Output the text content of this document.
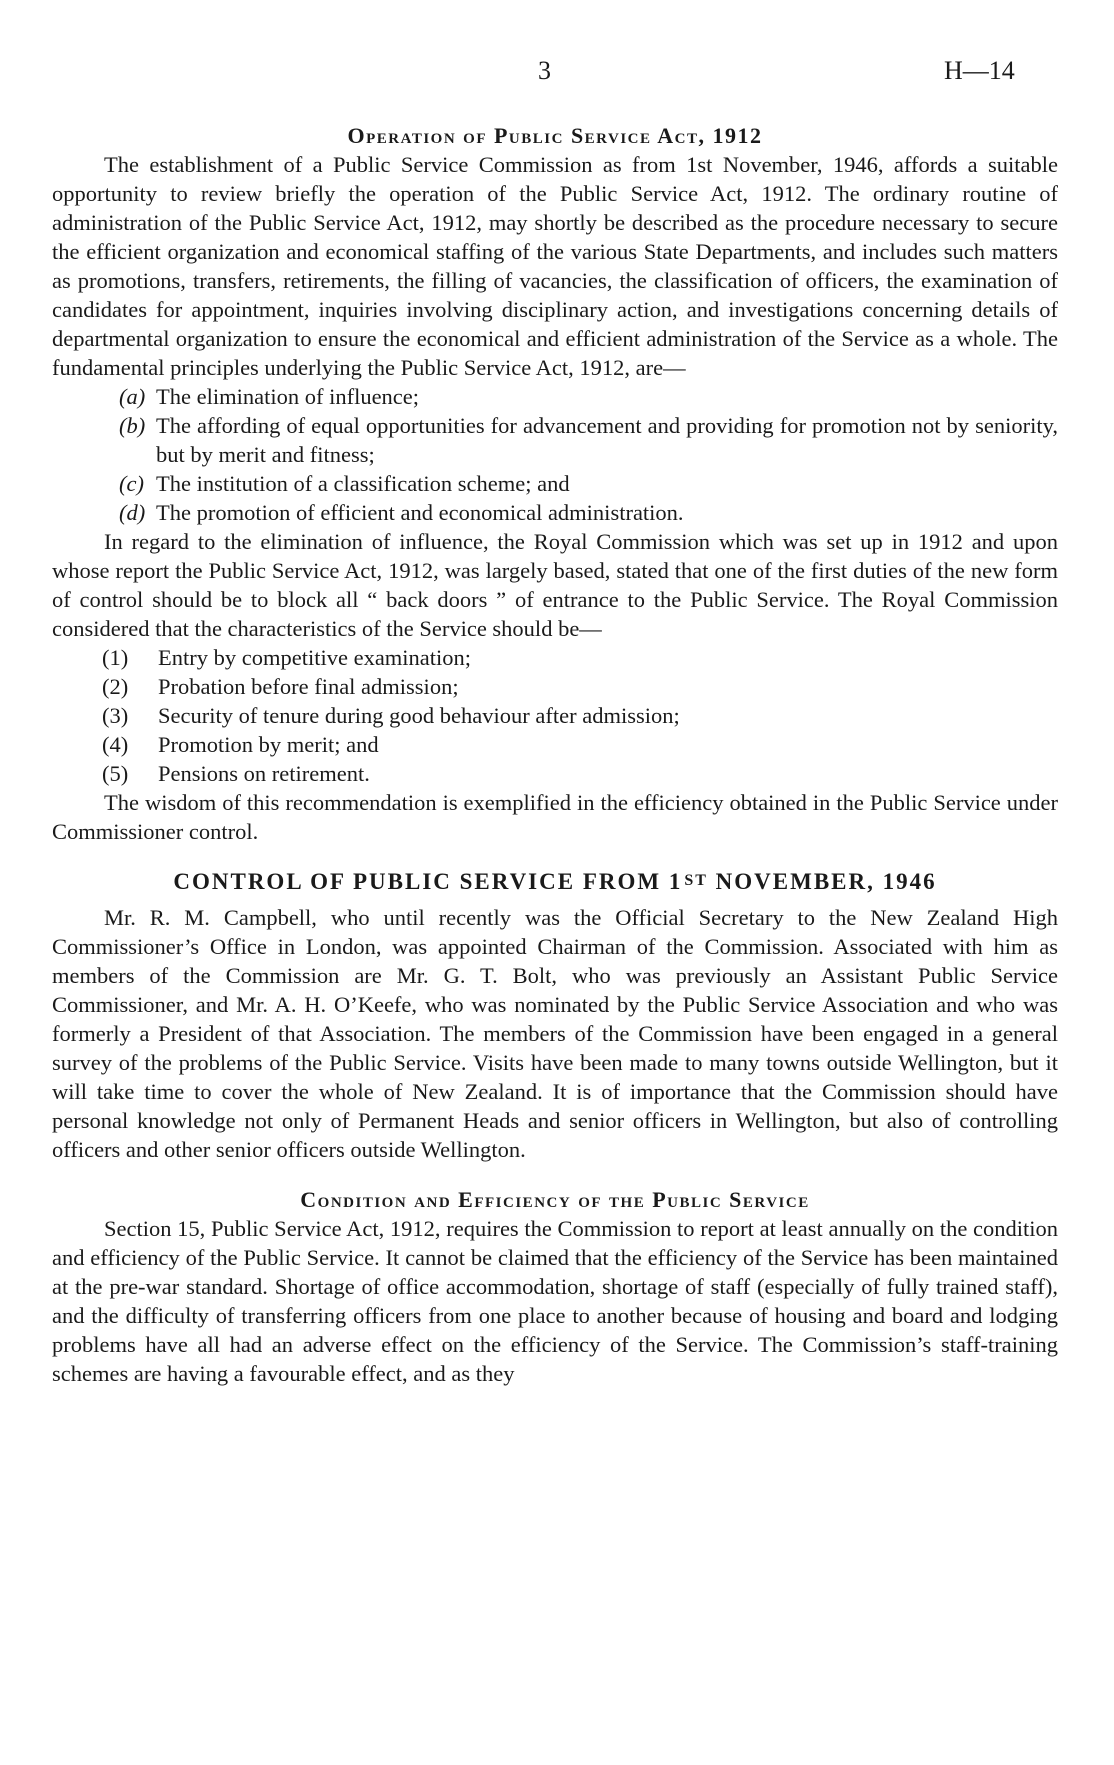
3	H—14
Operation of Public Service Act, 1912

The establishment of a Public Service Commission as from 1st November, 1946, affords a suitable opportunity to review briefly the operation of the Public Service Act, 1912. The ordinary routine of administration of the Public Service Act, 1912, may shortly be described as the procedure necessary to secure the efficient organization and economical staffing of the various State Departments, and includes such matters as promotions, transfers, retirements, the filling of vacancies, the classification of officers, the examination of candidates for appointment, inquiries involving disciplinary action, and investigations concerning details of departmental organization to ensure the economical and efficient administration of the Service as a whole. The fundamental principles underlying the Public Service Act, 1912, are—

(a) The elimination of influence;
(b) The affording of equal opportunities for advancement and providing for promotion not by seniority, but by merit and fitness;
(c) The institution of a classification scheme; and
(d) The promotion of efficient and economical administration.

In regard to the elimination of influence, the Royal Commission which was set up in 1912 and upon whose report the Public Service Act, 1912, was largely based, stated that one of the first duties of the new form of control should be to block all “ back doors ” of entrance to the Public Service. The Royal Commission considered that the characteristics of the Service should be—

(1)	Entry by competitive examination;
(2)	Probation before final admission;
(3)	Security of tenure during good behaviour after admission;
(4)	Promotion by merit; and
(5)	Pensions on retirement.

The wisdom of this recommendation is exemplified in the efficiency obtained in the Public Service under Commissioner control.

CONTROL OF PUBLIC SERVICE FROM 1 $^{ST}$ NOVEMBER, 1946

Mr. R. M. Campbell, who until recently was the Official Secretary to the New Zealand High Commissioner’s Office in London, was appointed Chairman of the Commission. Associated with him as members of the Commission are Mr. G. T. Bolt, who was previously an Assistant Public Service Commissioner, and Mr. A. H. O’Keefe, who was nominated by the Public Service Association and who was formerly a President of that Association. The members of the Commission have been engaged in a general survey of the problems of the Public Service. Visits have been made to many towns outside Wellington, but it will take time to cover the whole of New Zealand. It is of importance that the Commission should have personal knowledge not only of Permanent Heads and senior officers in Wellington, but also of controlling officers and other senior officers outside Wellington.

Condition and Efficiency of the Public Service

Section 15, Public Service Act, 1912, requires the Commission to report at least annually on the condition and efficiency of the Public Service. It cannot be claimed that the efficiency of the Service has been maintained at the pre-war standard. Shortage of office accommodation, shortage of staff (especially of fully trained staff), and the difficulty of transferring officers from one place to another because of housing and board and lodging problems have all had an adverse effect on the efficiency of the Service. The Commission’s staff-training schemes are having a favourable effect, and as they
